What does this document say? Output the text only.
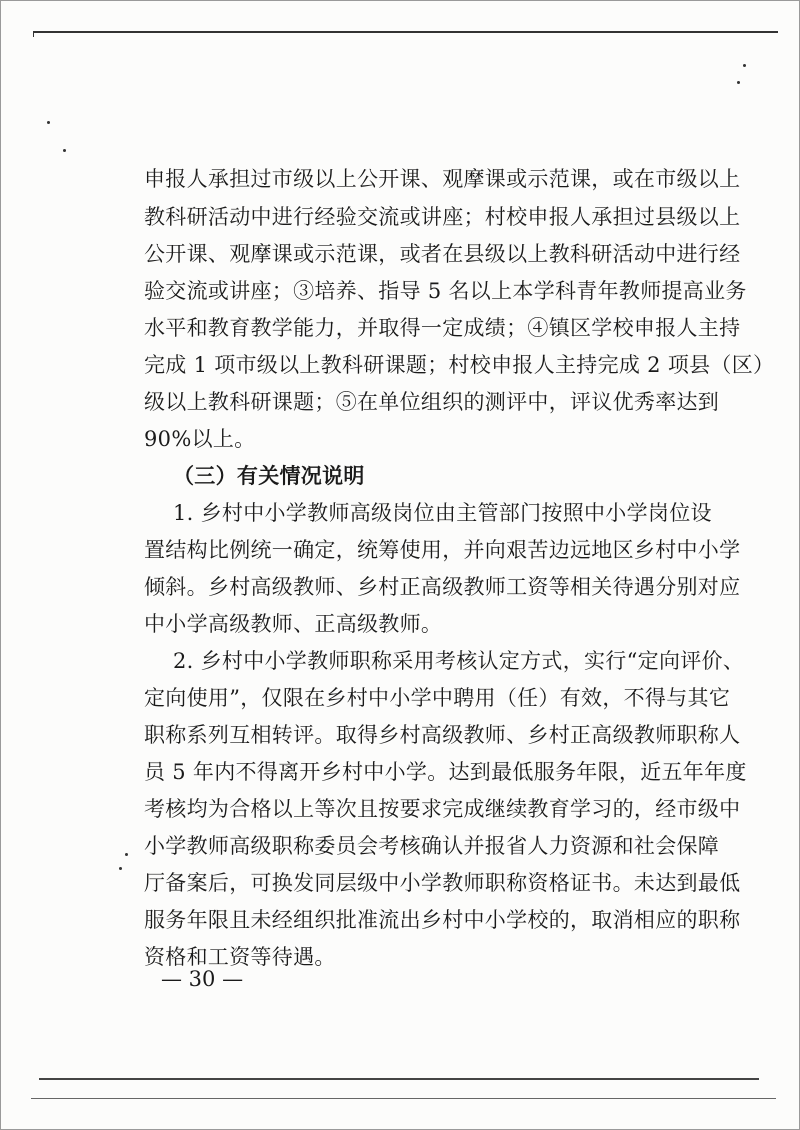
申报人承担过市级以上公开课、观摩课或示范课，或在市级以上
教科研活动中进行经验交流或讲座；村校申报人承担过县级以上
公开课、观摩课或示范课，或者在县级以上教科研活动中进行经
验交流或讲座；③培养、指导 5 名以上本学科青年教师提高业务
水平和教育教学能力，并取得一定成绩；④镇区学校申报人主持
完成 1 项市级以上教科研课题；村校申报人主持完成 2 项县（区）
级以上教科研课题；⑤在单位组织的测评中，评议优秀率达到
90%以上。
（三）有关情况说明
1. 乡村中小学教师高级岗位由主管部门按照中小学岗位设
置结构比例统一确定，统筹使用，并向艰苦边远地区乡村中小学
倾斜。乡村高级教师、乡村正高级教师工资等相关待遇分别对应
中小学高级教师、正高级教师。
2. 乡村中小学教师职称采用考核认定方式，实行“定向评价、
定向使用”，仅限在乡村中小学中聘用（任）有效，不得与其它
职称系列互相转评。取得乡村高级教师、乡村正高级教师职称人
员 5 年内不得离开乡村中小学。达到最低服务年限，近五年年度
考核均为合格以上等次且按要求完成继续教育学习的，经市级中
小学教师高级职称委员会考核确认并报省人力资源和社会保障
厅备案后，可换发同层级中小学教师职称资格证书。未达到最低
服务年限且未经组织批准流出乡村中小学校的，取消相应的职称
资格和工资等待遇。
— 30 —
